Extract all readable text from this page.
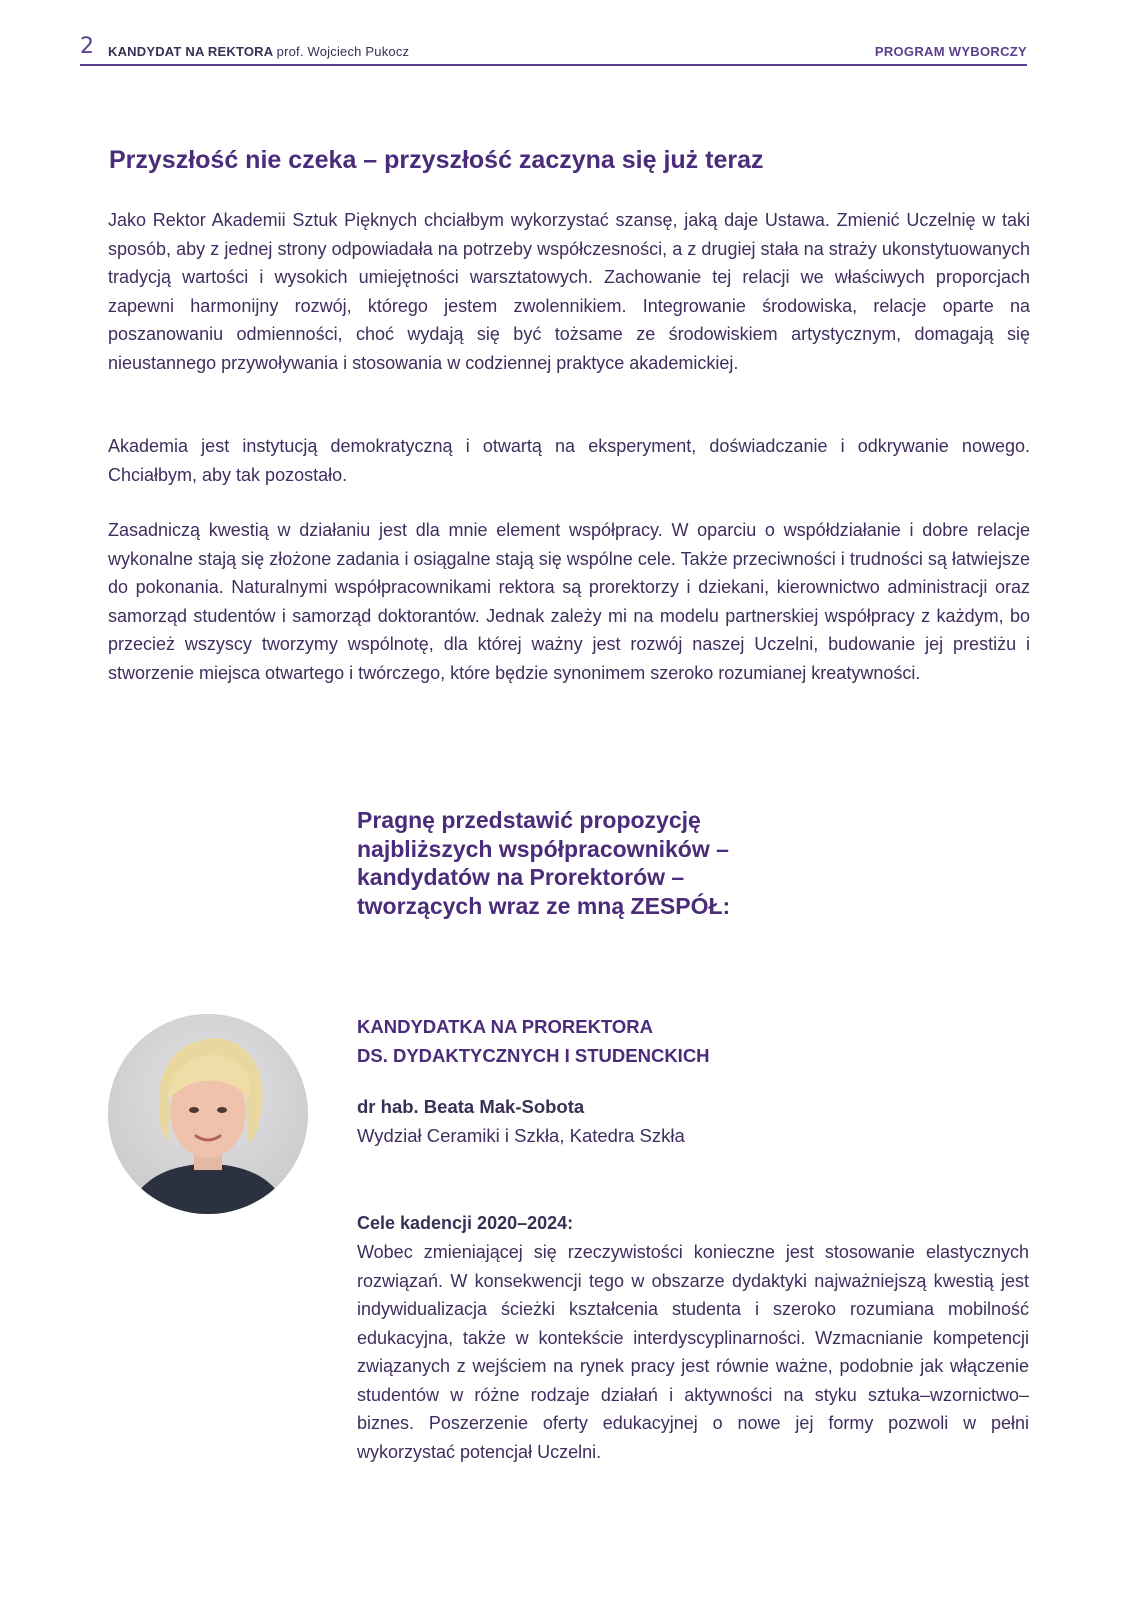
2 KANDYDAT NA REKTORA prof. Wojciech Pukocz	PROGRAM WYBORCZY
Przyszłość nie czeka – przyszłość zaczyna się już teraz

Jako Rektor Akademii Sztuk Pięknych chciałbym wykorzystać szansę, jaką daje Ustawa. Zmienić Uczelnię w taki sposób, aby z jednej strony odpowiadała na potrzeby współczesności, a z drugiej stała na straży ukonstytuowanych tradycją wartości i wysokich umiejętności warsztatowych. Zachowanie tej relacji we właściwych proporcjach zapewni harmonijny rozwój, którego jestem zwolennikiem. Integrowanie środowiska, relacje oparte na poszanowaniu odmienności, choć wydają się być tożsame ze środowiskiem artystycznym, domagają się nieustannego przywoływania i stosowania w codziennej praktyce akademickiej.

Akademia jest instytucją demokratyczną i otwartą na eksperyment, doświadczanie i odkrywanie nowego. Chciałbym, aby tak pozostało.

Zasadniczą kwestią w działaniu jest dla mnie element współpracy. W oparciu o współdziałanie i dobre relacje wykonalne stają się złożone zadania i osiągalne stają się wspólne cele. Także przeciwności i trudności są łatwiejsze do pokonania. Naturalnymi współpracownikami rektora są prorektorzy i dziekani, kierownictwo administracji oraz samorząd studentów i samorząd doktorantów. Jednak zależy mi na modelu partnerskiej współpracy z każdym, bo przecież wszyscy tworzymy wspólnotę, dla której ważny jest rozwój naszej Uczelni, budowanie jej prestiżu i stworzenie miejsca otwartego i twórczego, które będzie synonimem szeroko rozumianej kreatywności.

Pragnę przedstawić propozycję
najbliższych współpracowników –
kandydatów na Prorektorów –
tworzących wraz ze mną ZESPÓŁ:
KANDYDATKA NA PROREKTORA
DS. DYDAKTYCZNYCH I STUDENCKICH
dr hab. Beata Mak-Sobota
Wydział Ceramiki i Szkła, Katedra Szkła
Cele kadencji 2020–2024:

Wobec zmieniającej się rzeczywistości konieczne jest stosowanie elastycznych rozwiązań. W konsekwencji tego w obszarze dydaktyki najważniejszą kwestią jest indywidualizacja ścieżki kształcenia studenta i szeroko rozumiana mobilność edukacyjna, także w kontekście interdyscyplinarności. Wzmacnianie kompetencji związanych z wejściem na rynek pracy jest równie ważne, podobnie jak włączenie studentów w różne rodzaje działań i aktywności na styku sztuka–wzornictwo–biznes. Poszerzenie oferty edukacyjnej o nowe jej formy pozwoli w pełni wykorzystać potencjał Uczelni.
